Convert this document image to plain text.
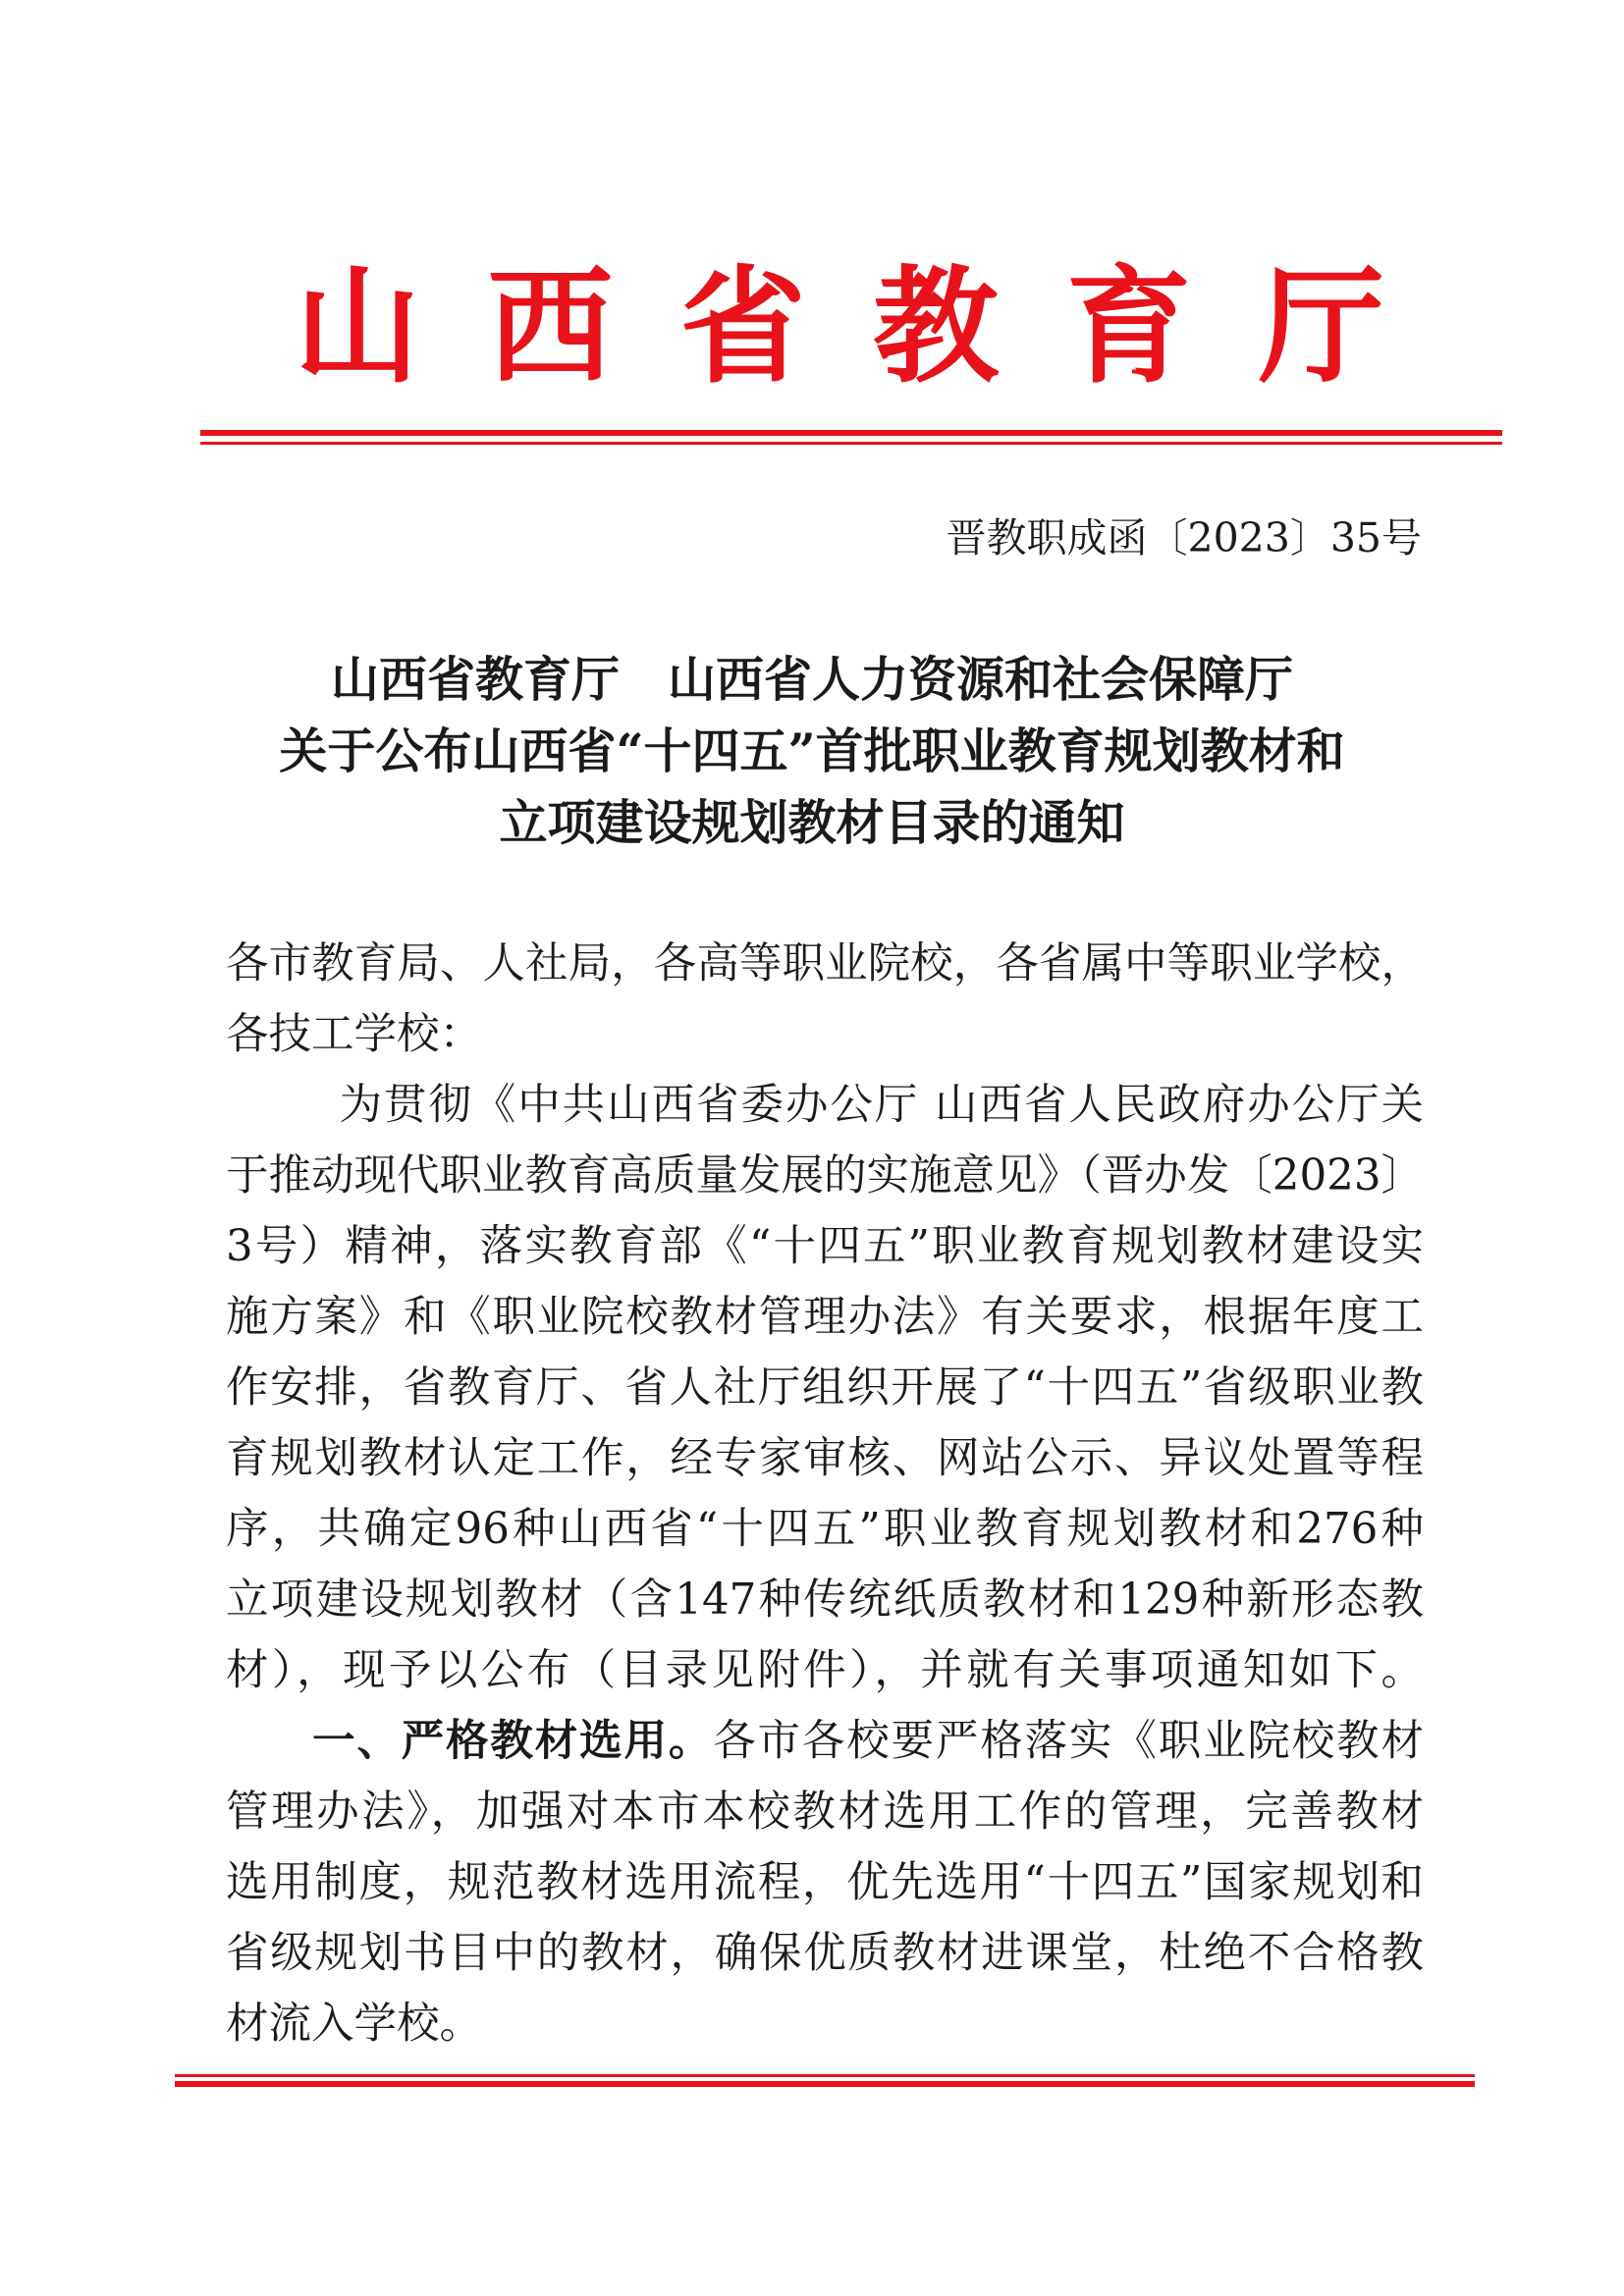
山 西 省 教 育 厅
晋教职成函〔2023〕35号
山西省教育厅　山西省人力资源和社会保障厅
关于公布山西省“十四五”首批职业教育规划教材和
立项建设规划教材目录的通知
各市教育局、人社局，各高等职业院校，各省属中等职业学校，
各技工学校：
　为贯彻《中共山西省委办公厅 山西省人民政府办公厅关
于推动现代职业教育高质量发展的实施意见》（晋办发〔2023〕
3号）精神，落实教育部《“十四五”职业教育规划教材建设实
施方案》和《职业院校教材管理办法》有关要求，根据年度工
作安排，省教育厅、省人社厅组织开展了“十四五”省级职业教
育规划教材认定工作，经专家审核、网站公示、异议处置等程
序，共确定96种山西省“十四五”职业教育规划教材和276种
立项建设规划教材（含147种传统纸质教材和129种新形态教
材），现予以公布（目录见附件），并就有关事项通知如下。
一、严格教材选用。各市各校要严格落实《职业院校教材
管理办法》，加强对本市本校教材选用工作的管理，完善教材
选用制度，规范教材选用流程，优先选用“十四五”国家规划和
省级规划书目中的教材，确保优质教材进课堂，杜绝不合格教
材流入学校。
